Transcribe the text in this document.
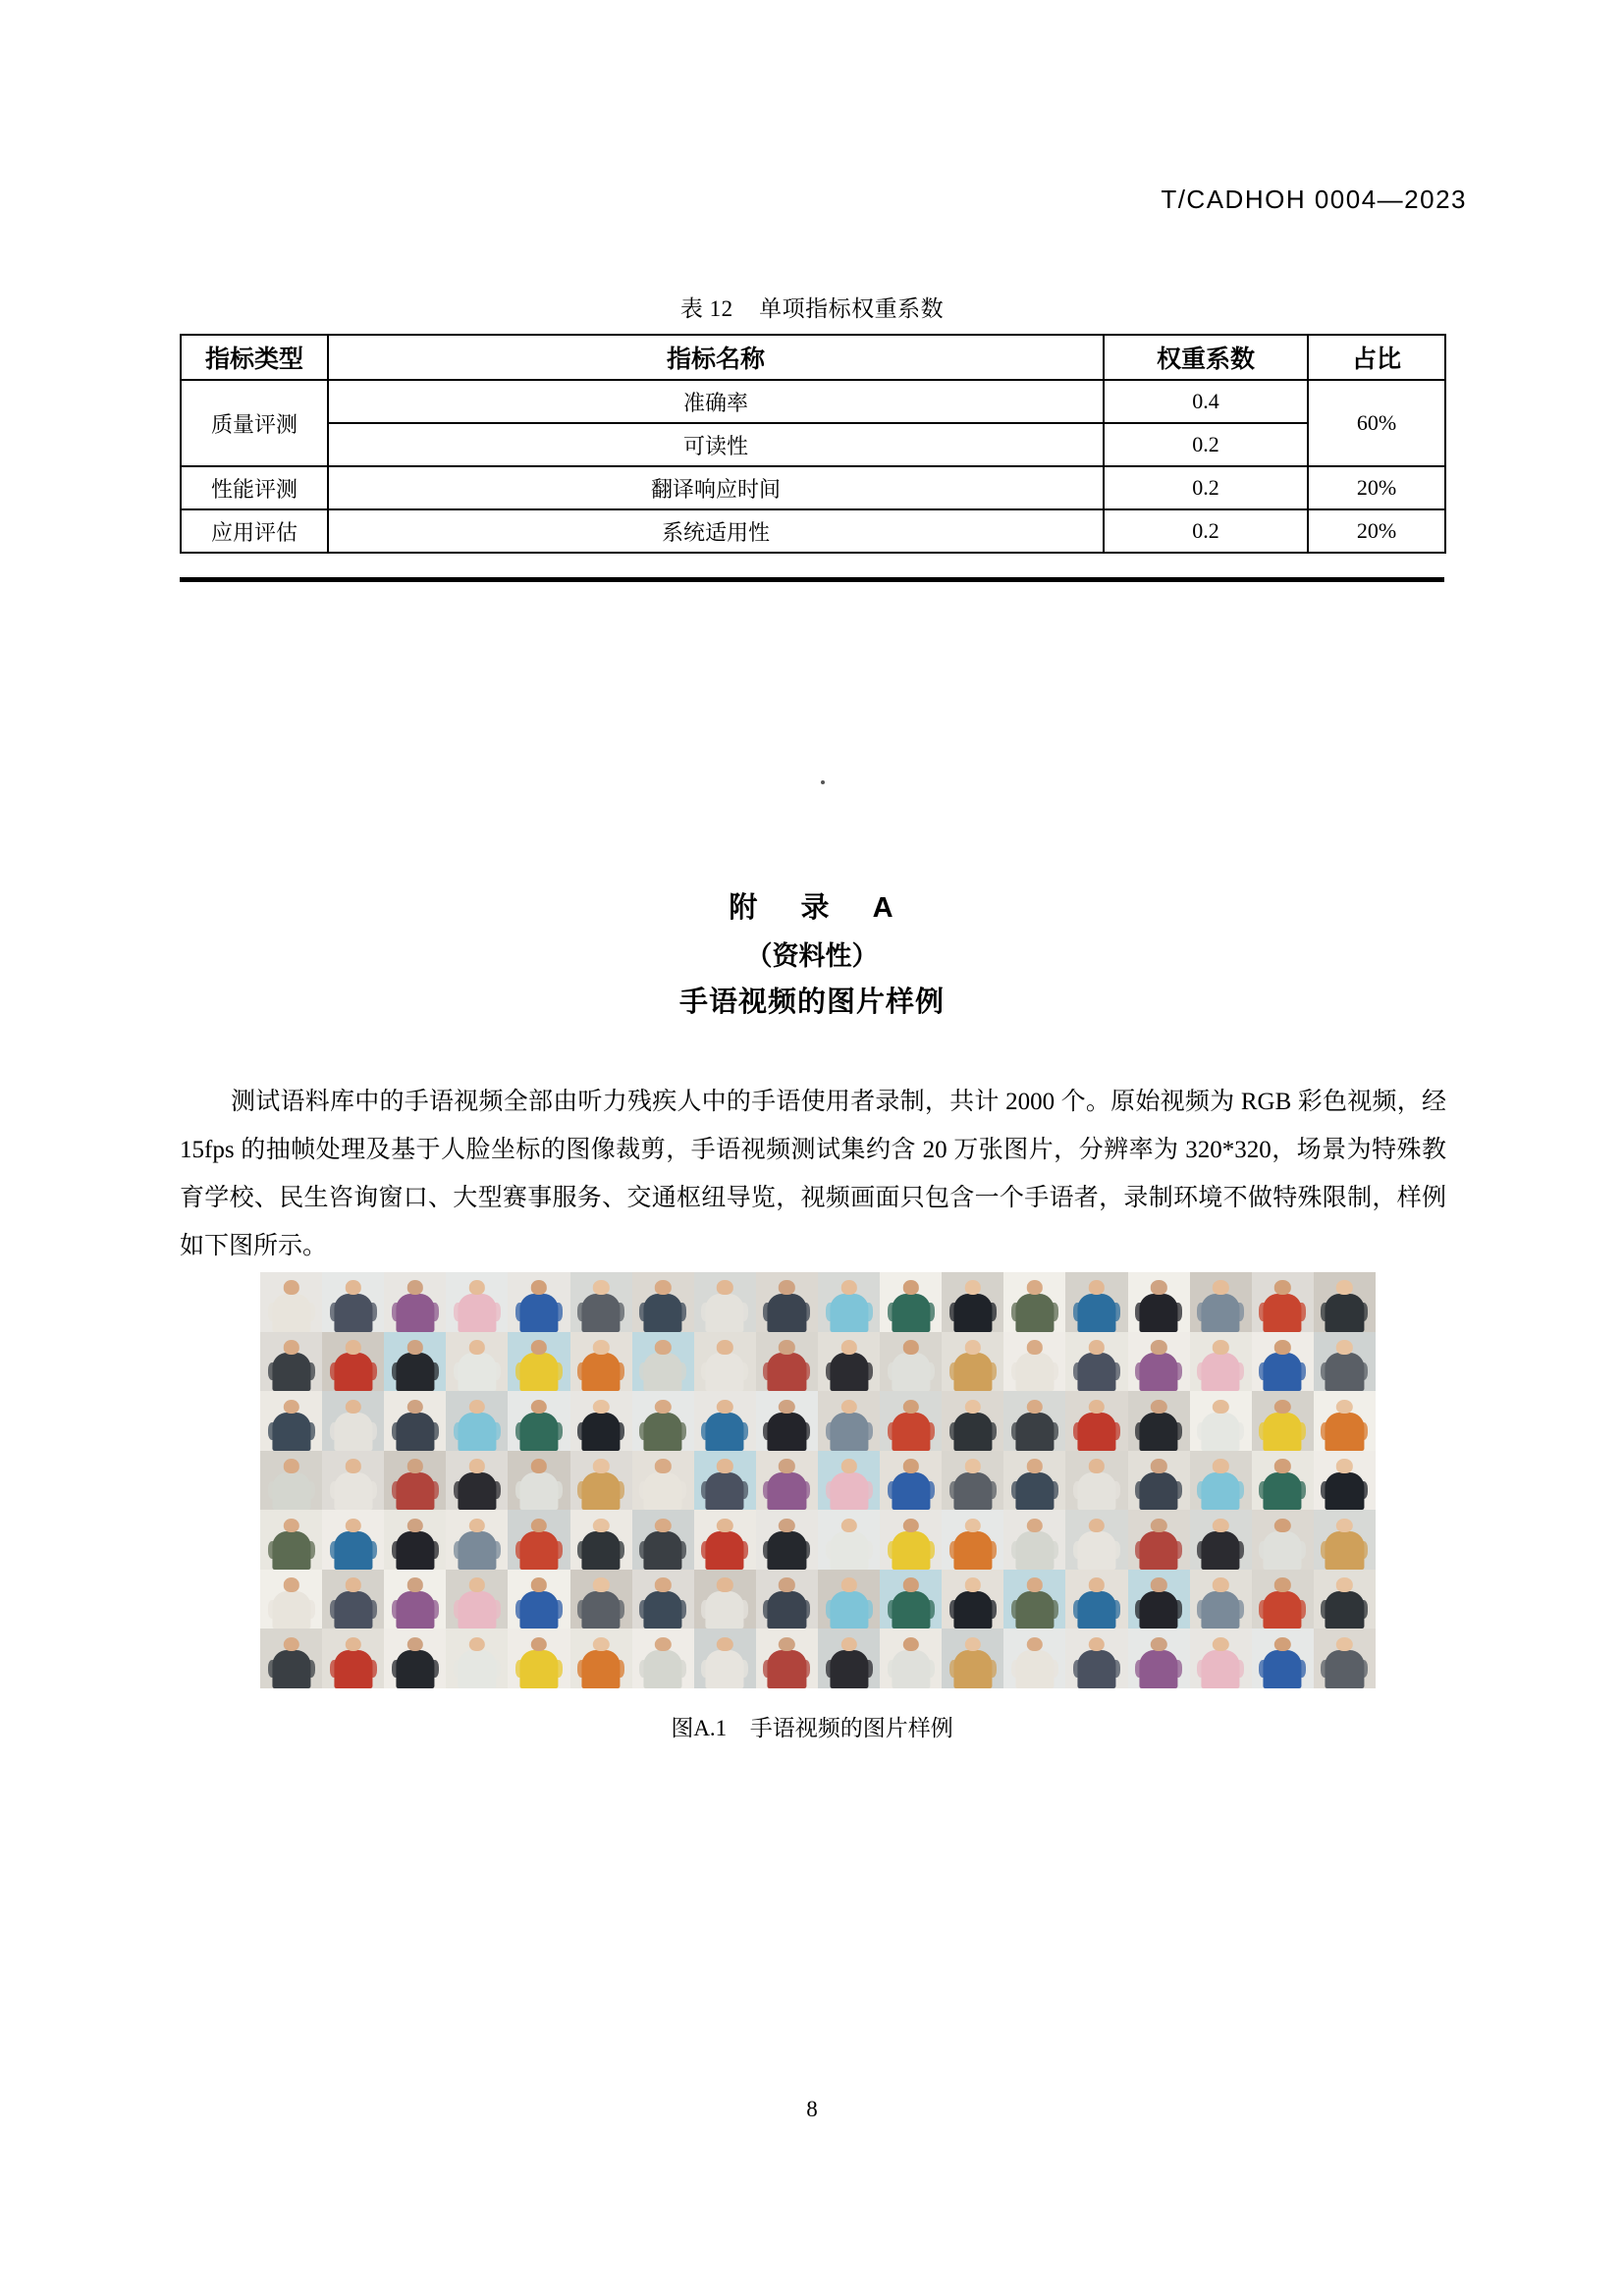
T/CADHOH 0004—2023
表 12 单项指标权重系数
指标类型	指标名称	权重系数	占比
质量评测	准确率	0.4	60%
	可读性	0.2	
性能评测	翻译响应时间	0.2	20%
应用评估	系统适用性	0.2	20%
附 录 A
（资料性）
手语视频的图片样例
测试语料库中的手语视频全部由听力残疾人中的手语使用者录制，共计 2000 个。原始视频为 RGB 彩色视频，经 15fps 的抽帧处理及基于人脸坐标的图像裁剪，手语视频测试集约含 20 万张图片，分辨率为 320*320，场景为特殊教育学校、民生咨询窗口、大型赛事服务、交通枢纽导览，视频画面只包含一个手语者，录制环境不做特殊限制，样例如下图所示。
图A.1 手语视频的图片样例
8
